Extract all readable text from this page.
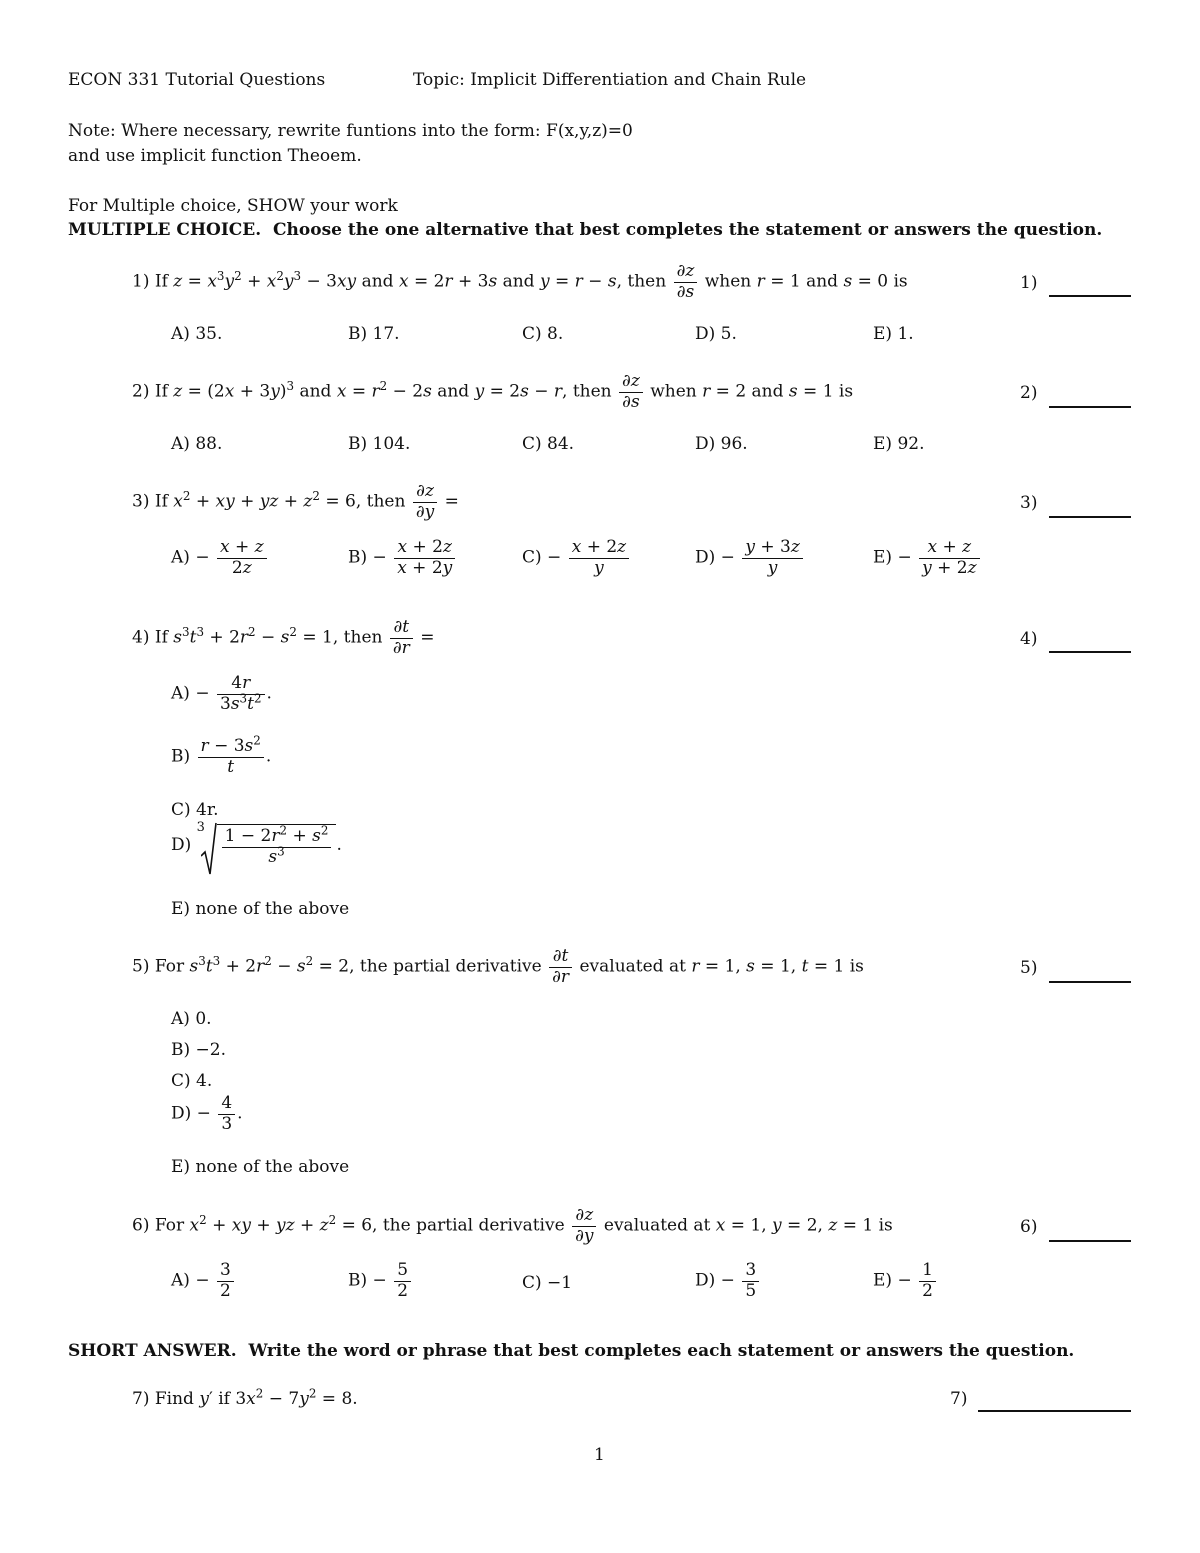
ECON 331 Tutorial Questions	Topic: Implicit Differentiation and Chain Rule
Note: Where necessary, rewrite funtions into the form: F(x,y,z)=0
and use implicit function Theoem.
For Multiple choice, SHOW your work
MULTIPLE CHOICE. Choose the one alternative that best completes the statement or answers the question.
1) If $z = x^3y^2 + x^2y^3 - 3xy$ and x = 2r + 3s and y = r − s, then $\frac{\partial z}{\partial s}$ when r = 1 and s = 0 is	1)
A) 35.	B) 17.	C) 8.	D) 5.	E) 1.
2) If $z = (2x + 3y)^3$ and $x = r^2 - 2s$ and y = 2s − r, then $\frac{\partial z}{\partial s}$ when r = 2 and s = 1 is	2)
A) 88.	B) 104.	C) 84.	D) 96.	E) 92.
3) If $x^2$ + xy + yz + $z^2 = 6$, then $\frac{\partial z}{\partial y}$ =	3)
$A) - \frac{x + z}{2z}$	$B) - \frac{x + 2z}{x + 2y}$	$C) - \frac{x + 2z}{y}$	$D) - \frac{y + 3z}{y}$	$E) - \frac{x + z}{y + 2z}$
4) If $s^3t^3 + 2r^2 - s^2 = 1$, then $\frac{\partial t}{\partial r}$ =	4)
$A) - \frac{4r}{3s^3t^2}$ .
$B) \frac{r - 3s^2}{t}$ .
C) 4r.
D)
$3 \frac{1 - 2r^2 + s^2}{s^3}$ .
E) none of the above
5) For $s^3t^3 + 2r^2 - s^2 = 2$, the partial derivative $\frac{\partial t}{\partial r}$ evaluated at r = 1, s = 1, t = 1 is	5)
A) 0.
B) −2.
C) 4.
$D) - \frac{4}{3}$ .
E) none of the above
6) For $x^2$ + xy + yz + $z^2 = 6$, the partial derivative $\frac{\partial z}{\partial y}$ evaluated at x = 1, y = 2, z = 1 is	6)
$A) - \frac{3}{2}$	$B) - \frac{5}{2}$	C) −1	$D) - \frac{3}{5}$	$E) - \frac{1}{2}$
SHORT ANSWER. Write the word or phrase that best completes each statement or answers the question.
7) Find y′ if $3x^2 - 7y^2 = 8$.	7)
1
